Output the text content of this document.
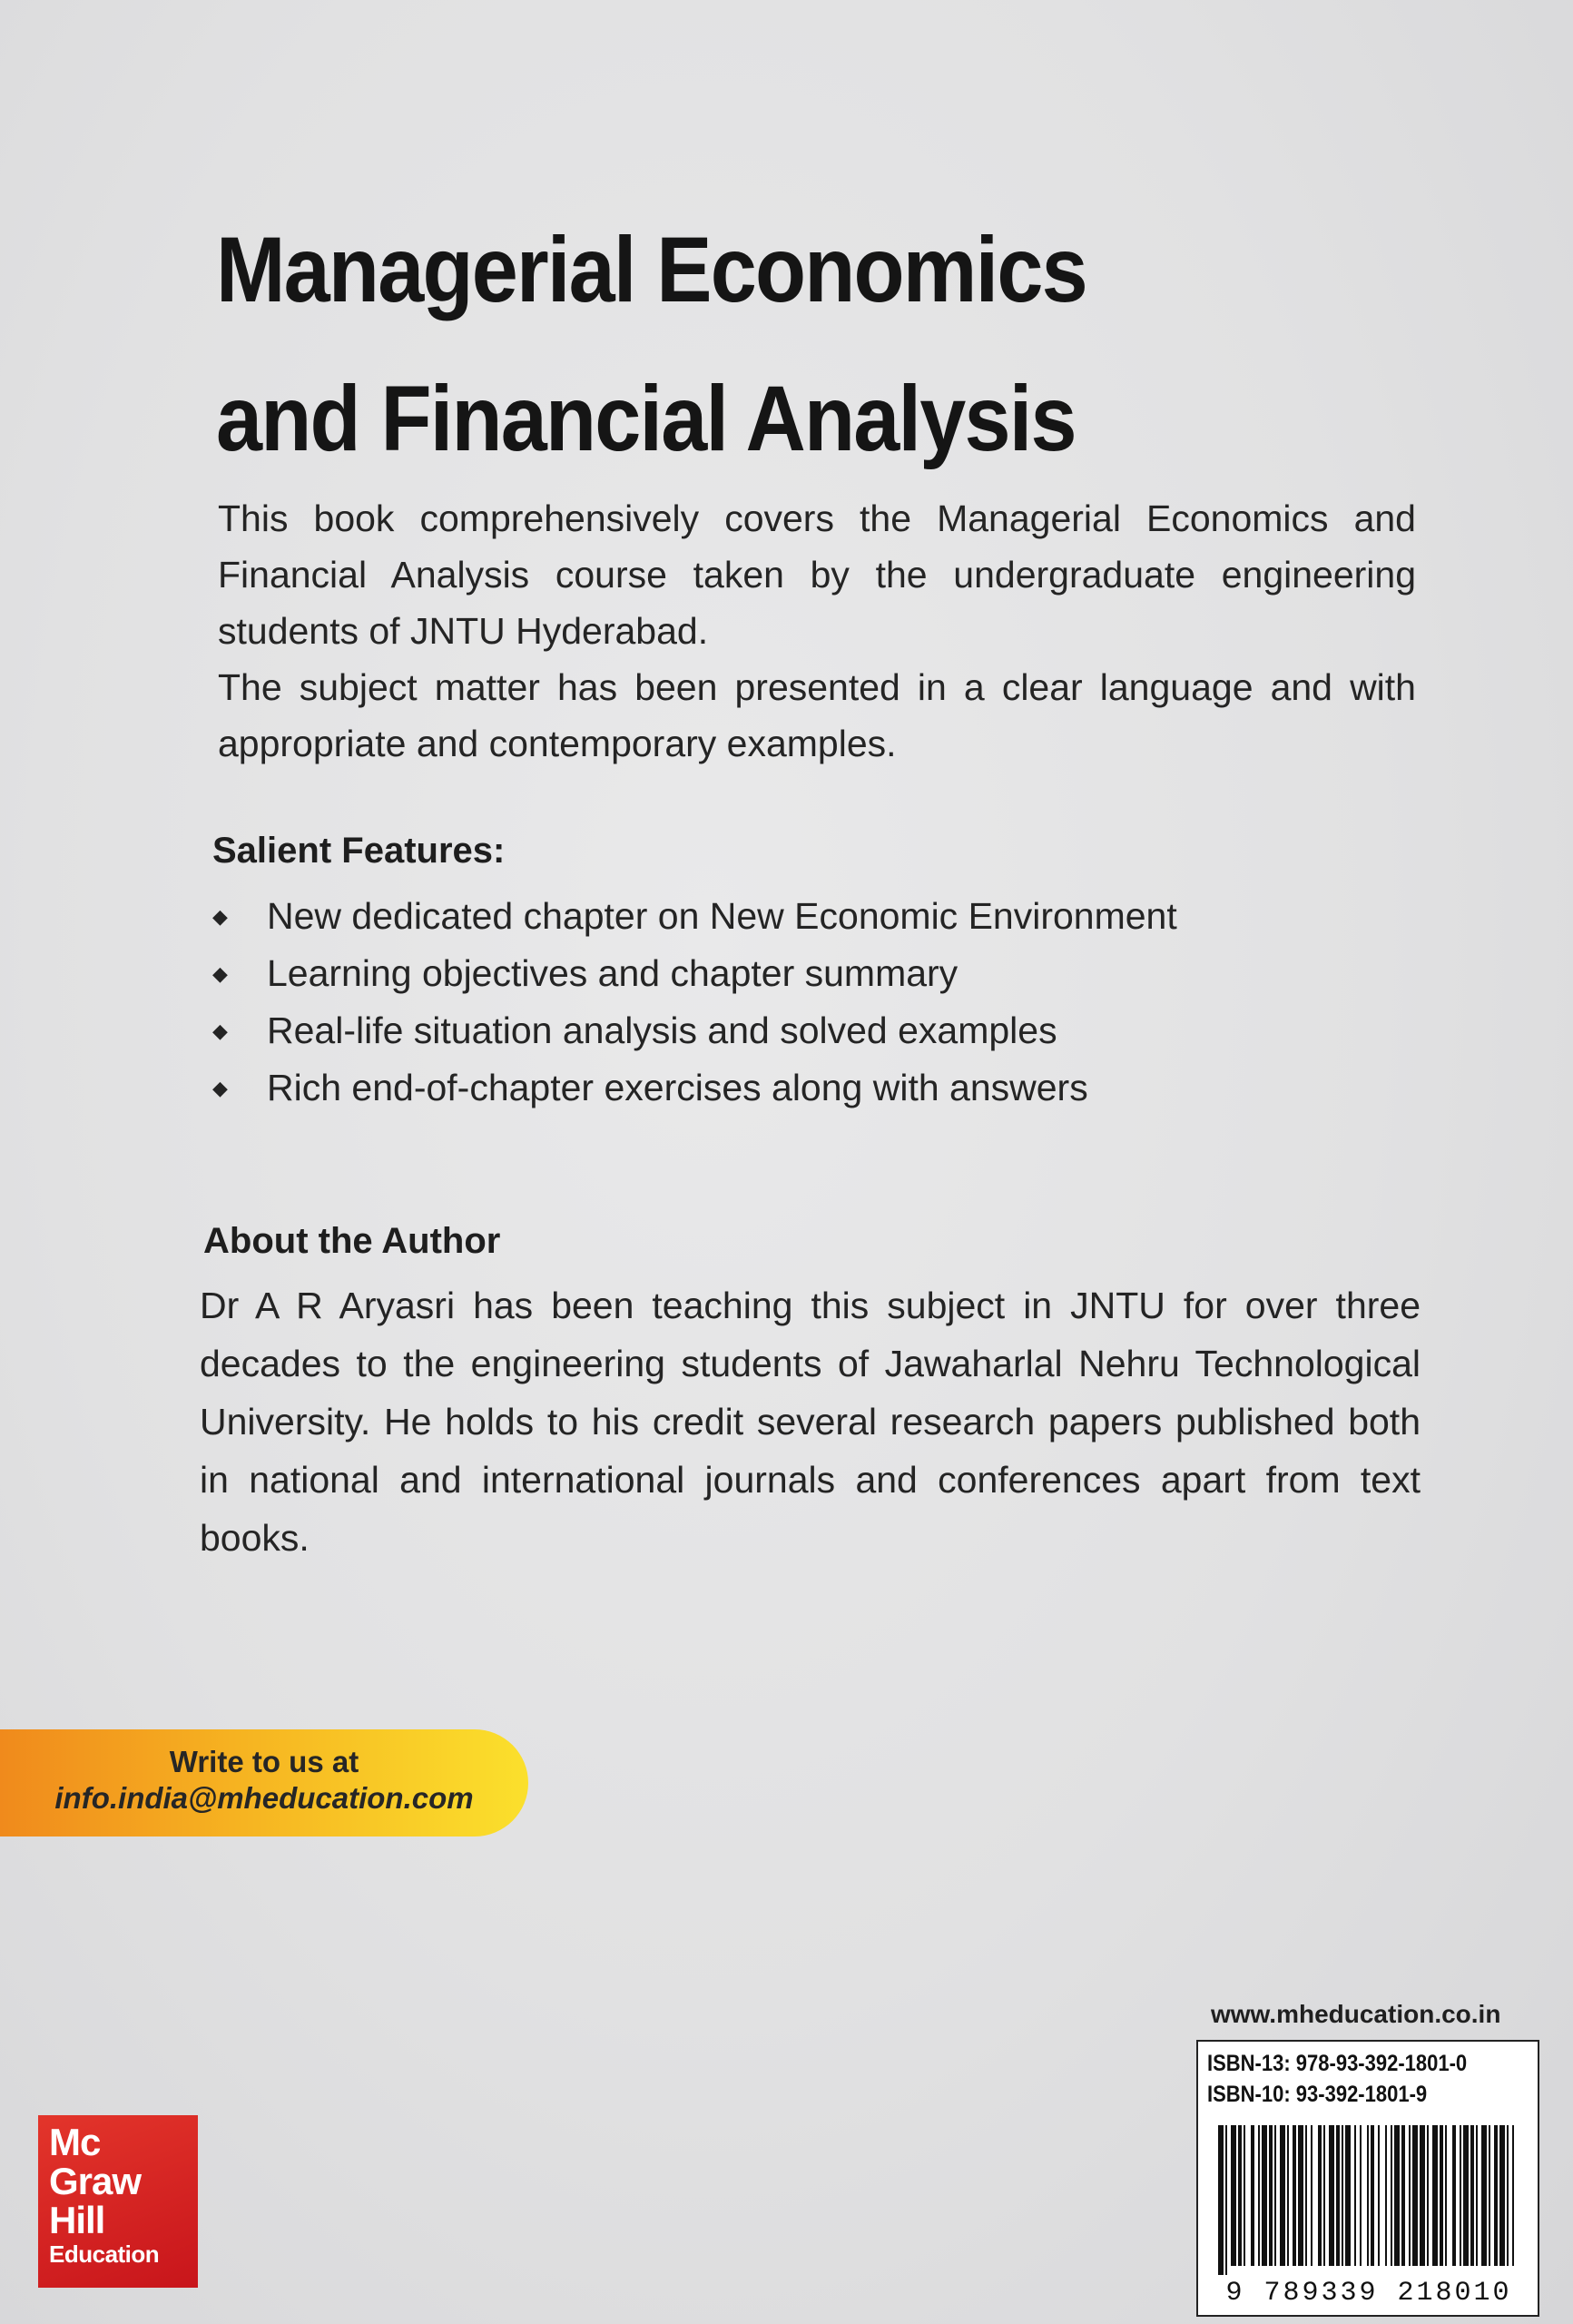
Managerial Economics
and Financial Analysis

This book comprehensively covers the Managerial Economics and Financial Analysis course taken by the undergraduate engineering students of JNTU Hyderabad.

The subject matter has been presented in a clear language and with appropriate and contemporary examples.

Salient Features:
◆ New dedicated chapter on New Economic Environment
◆ Learning objectives and chapter summary
◆ Real-life situation analysis and solved examples
◆ Rich end-of-chapter exercises along with answers
About the Author

Dr A R Aryasri has been teaching this subject in JNTU for over three decades to the engineering students of Jawaharlal Nehru Technological University. He holds to his credit several research papers published both in national and international journals and conferences apart from text books.

Write to us at
info.india@mheducation.com
Mc
Graw
Hill
Education

www.mheducation.co.in

ISBN-13: 978-93-392-1801-0
ISBN-10: 93-392-1801-9
9 789339 218010
